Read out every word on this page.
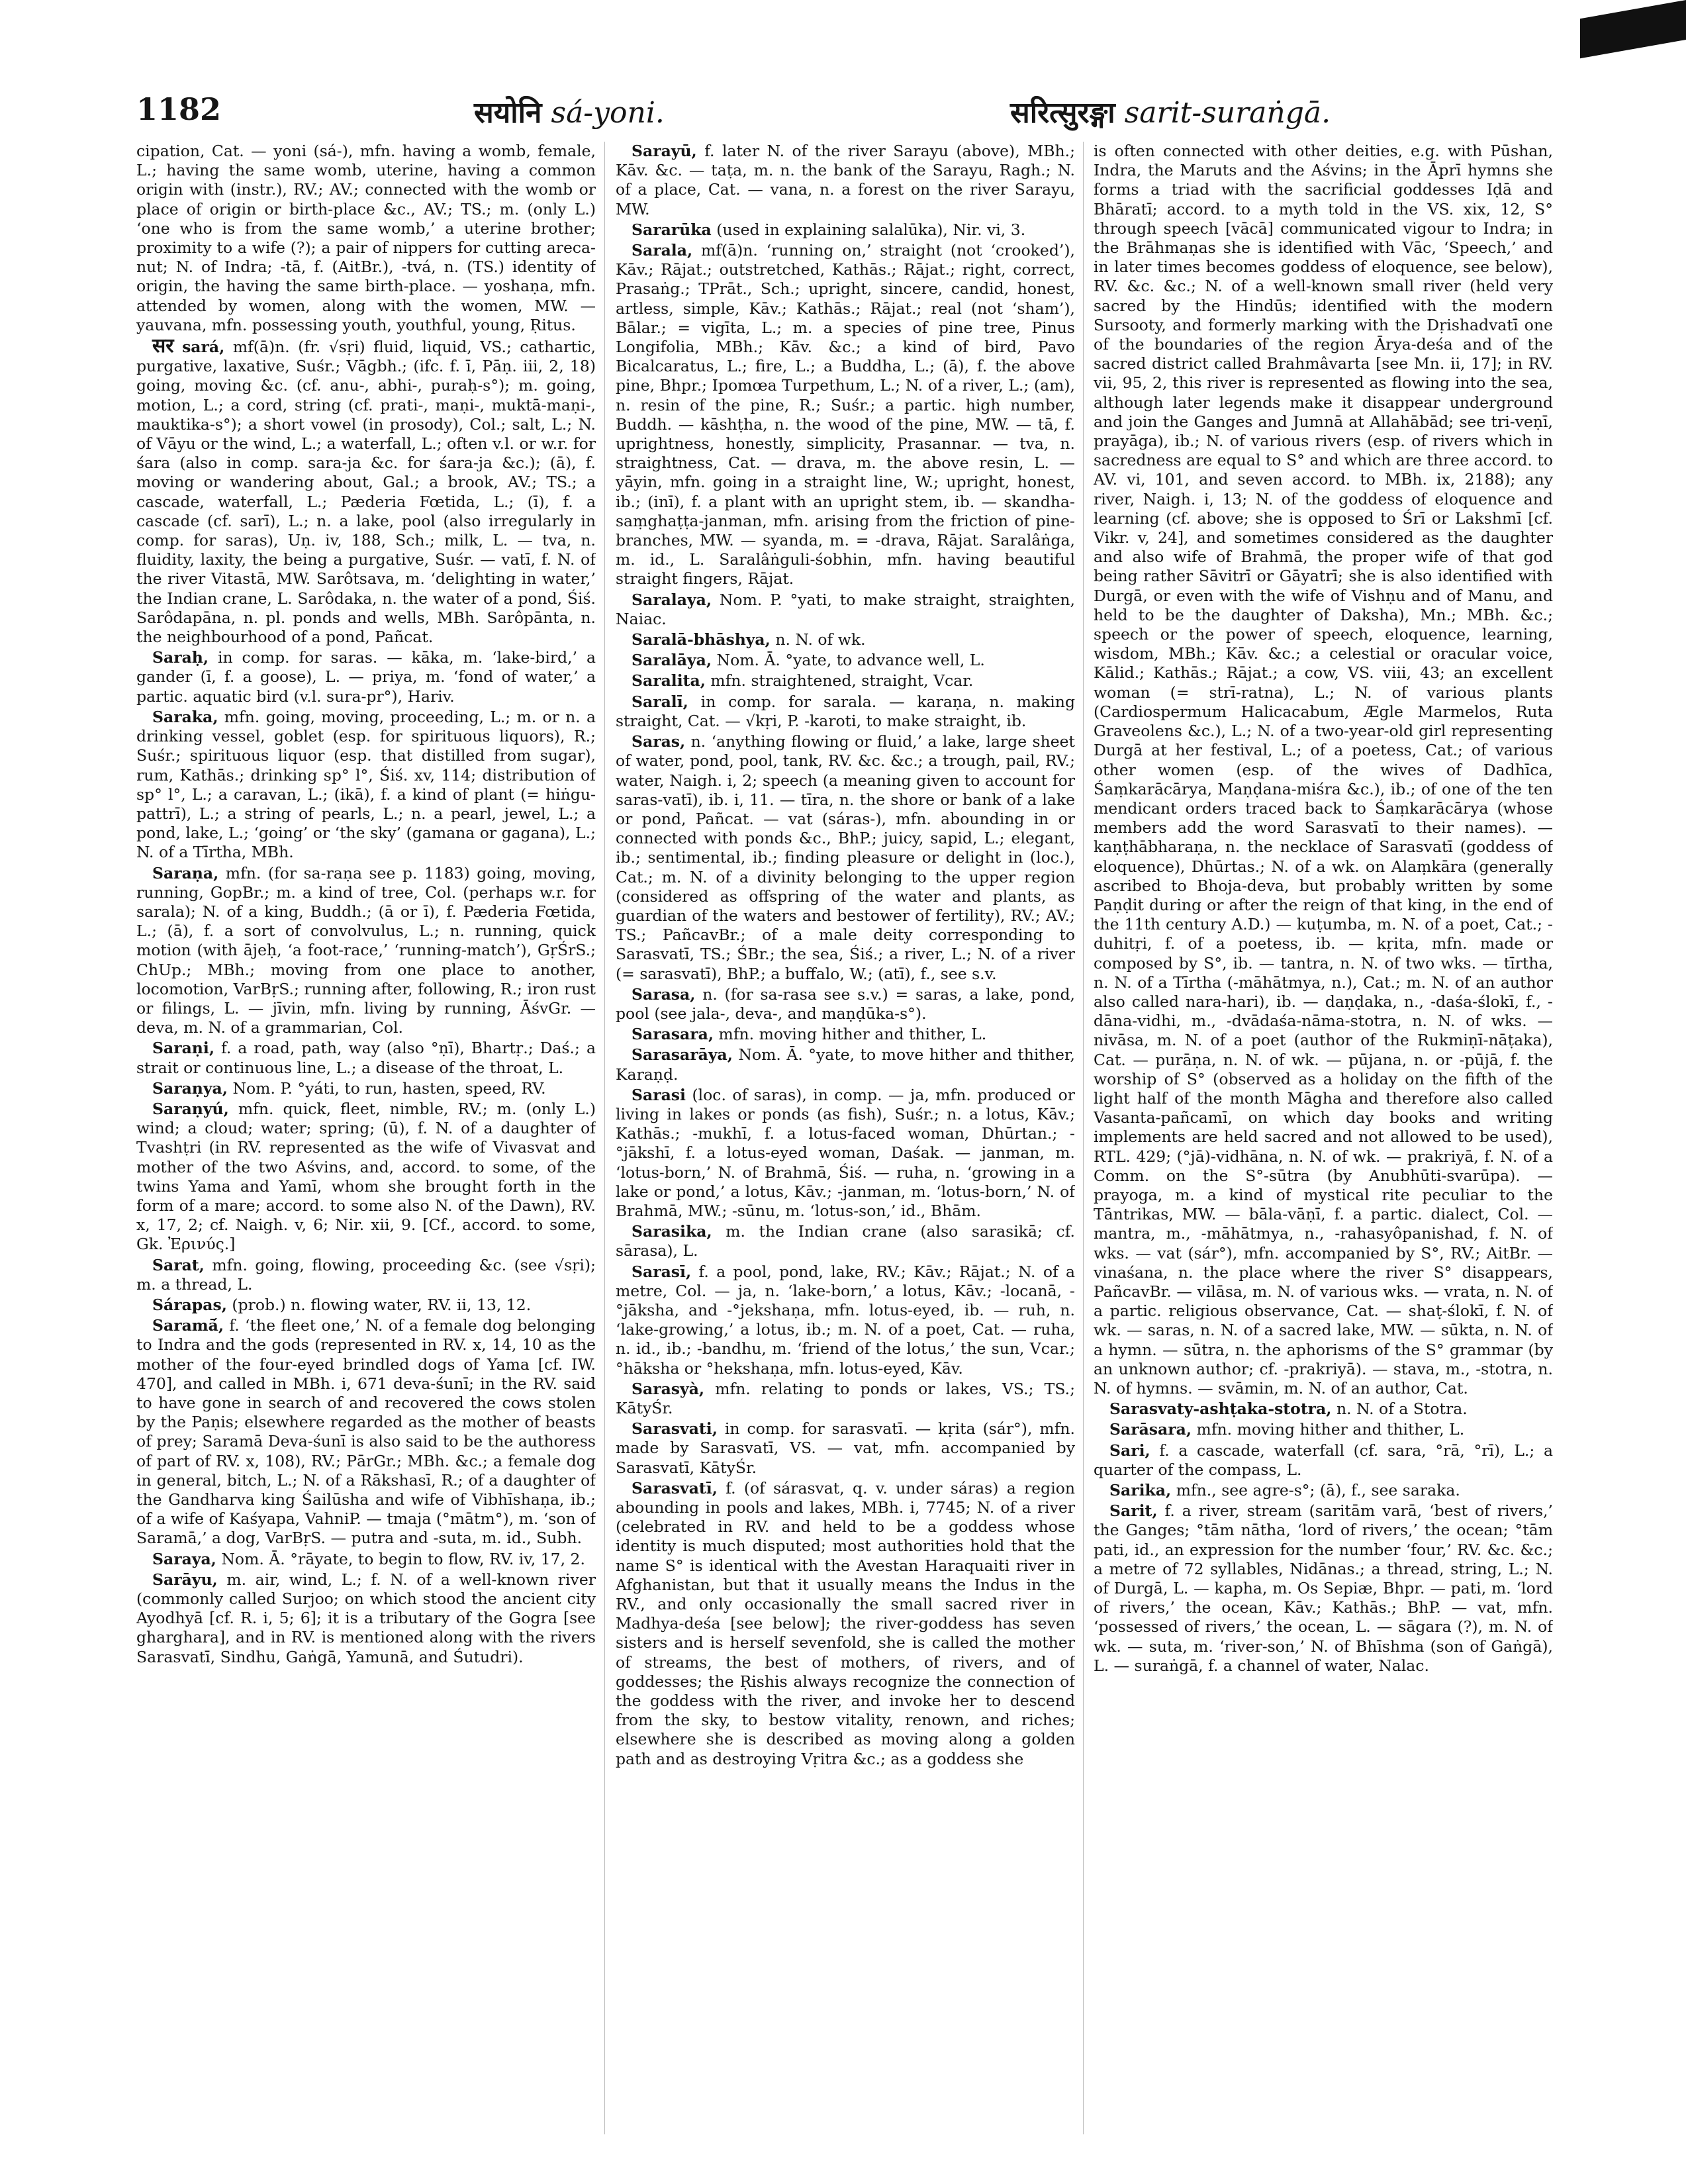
1182	सयोनि sá-yoni.	सरित्सुरङ्गा sarit-suraṅgā.

cipation, Cat. — yoni (sá-), mfn. having a womb, female, L.; having the same womb, uterine, having a common origin with (instr.), RV.; AV.; connected with the womb or place of origin or birth-place &c., AV.; TS.; m. (only L.) ‘one who is from the same womb,’ a uterine brother; proximity to a wife (?); a pair of nippers for cutting areca-nut; N. of Indra; -tā, f. (AitBr.), -tvá, n. (TS.) identity of origin, the having the same birth-place. — yoshaṇa, mfn. attended by women, along with the women, MW. — yauvana, mfn. possessing youth, youthful, young, Ṛitus.

सर sará, mf(ā)n. (fr. √sṛi) fluid, liquid, VS.; cathartic, purgative, laxative, Suśr.; Vāgbh.; (ifc. f. ī, Pāṇ. iii, 2, 18) going, moving &c. (cf. anu-, abhi-, puraḥ-s°); m. going, motion, L.; a cord, string (cf. prati-, maṇi-, muktā-maṇi-, mauktika-s°); a short vowel (in prosody), Col.; salt, L.; N. of Vāyu or the wind, L.; a waterfall, L.; often v.l. or w.r. for śara (also in comp. sara-ja &c. for śara-ja &c.); (ā), f. moving or wandering about, Gal.; a brook, AV.; TS.; a cascade, waterfall, L.; Pæderia Fœtida, L.; (ī), f. a cascade (cf. sarī), L.; n. a lake, pool (also irregularly in comp. for saras), Uṇ. iv, 188, Sch.; milk, L. — tva, n. fluidity, laxity, the being a purgative, Suśr. — vatī, f. N. of the river Vitastā, MW. Sarôtsava, m. ‘delighting in water,’ the Indian crane, L. Sarôdaka, n. the water of a pond, Śiś. Sarôdapāna, n. pl. ponds and wells, MBh. Sarôpānta, n. the neighbourhood of a pond, Pañcat.

Saraḥ, in comp. for saras. — kāka, m. ‘lake-bird,’ a gander (ī, f. a goose), L. — priya, m. ‘fond of water,’ a partic. aquatic bird (v.l. sura-pr°), Hariv.

Saraka, mfn. going, moving, proceeding, L.; m. or n. a drinking vessel, goblet (esp. for spirituous liquors), R.; Suśr.; spirituous liquor (esp. that distilled from sugar), rum, Kathās.; drinking sp° l°, Śiś. xv, 114; distribution of sp° l°, L.; a caravan, L.; (ikā), f. a kind of plant (= hiṅgu-pattrī), L.; a string of pearls, L.; n. a pearl, jewel, L.; a pond, lake, L.; ‘going’ or ‘the sky’ (gamana or gagana), L.; N. of a Tīrtha, MBh.

Saraṇa, mfn. (for sa-raṇa see p. 1183) going, moving, running, GopBr.; m. a kind of tree, Col. (perhaps w.r. for sarala); N. of a king, Buddh.; (ā or ī), f. Pæderia Fœtida, L.; (ā), f. a sort of convolvulus, L.; n. running, quick motion (with ājeḥ, ‘a foot-race,’ ‘running-match’), GṛŚrS.; ChUp.; MBh.; moving from one place to another, locomotion, VarBṛS.; running after, following, R.; iron rust or filings, L. — jīvin, mfn. living by running, ĀśvGr. — deva, m. N. of a grammarian, Col.

Saraṇi, f. a road, path, way (also °ṇī), Bhartṛ.; Daś.; a strait or continuous line, L.; a disease of the throat, L.

Saraṇya, Nom. P. °yáti, to run, hasten, speed, RV.

Saraṇyú, mfn. quick, fleet, nimble, RV.; m. (only L.) wind; a cloud; water; spring; (ū), f. N. of a daughter of Tvashṭri (in RV. represented as the wife of Vivasvat and mother of the two Aśvins, and, accord. to some, of the twins Yama and Yamī, whom she brought forth in the form of a mare; accord. to some also N. of the Dawn), RV. x, 17, 2; cf. Naigh. v, 6; Nir. xii, 9. [Cf., accord. to some, Gk. Ἐρινύς.]

Sarat, mfn. going, flowing, proceeding &c. (see √sṛi); m. a thread, L.

Sárapas, (prob.) n. flowing water, RV. ii, 13, 12.

Saramā́, f. ‘the fleet one,’ N. of a female dog belonging to Indra and the gods (represented in RV. x, 14, 10 as the mother of the four-eyed brindled dogs of Yama [cf. IW. 470], and called in MBh. i, 671 deva-śunī; in the RV. said to have gone in search of and recovered the cows stolen by the Paṇis; elsewhere regarded as the mother of beasts of prey; Saramā Deva-śunī is also said to be the authoress of part of RV. x, 108), RV.; PārGr.; MBh. &c.; a female dog in general, bitch, L.; N. of a Rākshasī, R.; of a daughter of the Gandharva king Śailūsha and wife of Vibhīshaṇa, ib.; of a wife of Kaśyapa, VahniP. — tmaja (°mātm°), m. ‘son of Saramā,’ a dog, VarBṛS. — putra and -suta, m. id., Subh.

Saraya, Nom. Ā. °rāyate, to begin to flow, RV. iv, 17, 2.

Sarāyu, m. air, wind, L.; f. N. of a well-known river (commonly called Surjoo; on which stood the ancient city Ayodhyā [cf. R. i, 5; 6]; it is a tributary of the Gogra [see gharghara], and in RV. is mentioned along with the rivers Sarasvatī, Sindhu, Gaṅgā, Yamunā, and Śutudri).

Sarayū, f. later N. of the river Sarayu (above), MBh.; Kāv. &c. — taṭa, m. n. the bank of the Sarayu, Ragh.; N. of a place, Cat. — vana, n. a forest on the river Sarayu, MW.

Sararūka (used in explaining salalūka), Nir. vi, 3.

Sarala, mf(ā)n. ‘running on,’ straight (not ‘crooked’), Kāv.; Rājat.; outstretched, Kathās.; Rājat.; right, correct, Prasaṅg.; TPrāt., Sch.; upright, sincere, candid, honest, artless, simple, Kāv.; Kathās.; Rājat.; real (not ‘sham’), Bālar.; = vigīta, L.; m. a species of pine tree, Pinus Longifolia, MBh.; Kāv. &c.; a kind of bird, Pavo Bicalcaratus, L.; fire, L.; a Buddha, L.; (ā), f. the above pine, Bhpr.; Ipomœa Turpethum, L.; N. of a river, L.; (am), n. resin of the pine, R.; Suśr.; a partic. high number, Buddh. — kāshṭha, n. the wood of the pine, MW. — tā, f. uprightness, honestly, simplicity, Prasannar. — tva, n. straightness, Cat. — drava, m. the above resin, L. — yāyin, mfn. going in a straight line, W.; upright, honest, ib.; (inī), f. a plant with an upright stem, ib. — skandha-saṃghaṭṭa-janman, mfn. arising from the friction of pine-branches, MW. — syanda, m. = -drava, Rājat. Saralâṅga, m. id., L. Saralâṅguli-śobhin, mfn. having beautiful straight fingers, Rājat.

Saralaya, Nom. P. °yati, to make straight, straighten, Naiac.

Saralā-bhāshya, n. N. of wk.

Saralāya, Nom. Ā. °yate, to advance well, L.

Saralita, mfn. straightened, straight, Vcar.

Saralī, in comp. for sarala. — karaṇa, n. making straight, Cat. — √kṛi, P. -karoti, to make straight, ib.

Saras, n. ‘anything flowing or fluid,’ a lake, large sheet of water, pond, pool, tank, RV. &c. &c.; a trough, pail, RV.; water, Naigh. i, 2; speech (a meaning given to account for saras-vatī), ib. i, 11. — tīra, n. the shore or bank of a lake or pond, Pañcat. — vat (sáras-), mfn. abounding in or connected with ponds &c., BhP.; juicy, sapid, L.; elegant, ib.; sentimental, ib.; finding pleasure or delight in (loc.), Cat.; m. N. of a divinity belonging to the upper region (considered as offspring of the water and plants, as guardian of the waters and bestower of fertility), RV.; AV.; TS.; PañcavBr.; of a male deity corresponding to Sarasvatī, TS.; ŚBr.; the sea, Śiś.; a river, L.; N. of a river (= sarasvatī), BhP.; a buffalo, W.; (atī), f., see s.v.

Sarasa, n. (for sa-rasa see s.v.) = saras, a lake, pond, pool (see jala-, deva-, and maṇḍūka-s°).

Sarasara, mfn. moving hither and thither, L.

Sarasarāya, Nom. Ā. °yate, to move hither and thither, Karaṇḍ.

Sarasi (loc. of saras), in comp. — ja, mfn. produced or living in lakes or ponds (as fish), Suśr.; n. a lotus, Kāv.; Kathās.; -mukhī, f. a lotus-faced woman, Dhūrtan.; -°jākshī, f. a lotus-eyed woman, Daśak. — janman, m. ‘lotus-born,’ N. of Brahmā, Śiś. — ruha, n. ‘growing in a lake or pond,’ a lotus, Kāv.; -janman, m. ‘lotus-born,’ N. of Brahmā, MW.; -sūnu, m. ‘lotus-son,’ id., Bhām.

Sarasika, m. the Indian crane (also sarasikā; cf. sārasa), L.

Sarasī, f. a pool, pond, lake, RV.; Kāv.; Rājat.; N. of a metre, Col. — ja, n. ‘lake-born,’ a lotus, Kāv.; -locanā, -°jāksha, and -°jekshaṇa, mfn. lotus-eyed, ib. — ruh, n. ‘lake-growing,’ a lotus, ib.; m. N. of a poet, Cat. — ruha, n. id., ib.; -bandhu, m. ‘friend of the lotus,’ the sun, Vcar.; °hāksha or °hekshaṇa, mfn. lotus-eyed, Kāv.

Sarasyà, mfn. relating to ponds or lakes, VS.; TS.; KātyŚr.

Sarasvati, in comp. for sarasvatī. — kṛita (sár°), mfn. made by Sarasvatī, VS. — vat, mfn. accompanied by Sarasvatī, KātyŚr.

Sarasvatī, f. (of sárasvat, q. v. under sáras) a region abounding in pools and lakes, MBh. i, 7745; N. of a river (celebrated in RV. and held to be a goddess whose identity is much disputed; most authorities hold that the name S° is identical with the Avestan Haraquaiti river in Afghanistan, but that it usually means the Indus in the RV., and only occasionally the small sacred river in Madhya-deśa [see below]; the river-goddess has seven sisters and is herself sevenfold, she is called the mother of streams, the best of mothers, of rivers, and of goddesses; the Ṛishis always recognize the connection of the goddess with the river, and invoke her to descend from the sky, to bestow vitality, renown, and riches; elsewhere she is described as moving along a golden path and as destroying Vṛitra &c.; as a goddess she

is often connected with other deities, e.g. with Pūshan, Indra, the Maruts and the Aśvins; in the Āprī hymns she forms a triad with the sacrificial goddesses Iḍā and Bhāratī; accord. to a myth told in the VS. xix, 12, S° through speech [vācā] communicated vigour to Indra; in the Brāhmaṇas she is identified with Vāc, ‘Speech,’ and in later times becomes goddess of eloquence, see below), RV. &c. &c.; N. of a well-known small river (held very sacred by the Hindūs; identified with the modern Sursooty, and formerly marking with the Dṛishadvatī one of the boundaries of the region Ārya-deśa and of the sacred district called Brahmâvarta [see Mn. ii, 17]; in RV. vii, 95, 2, this river is represented as flowing into the sea, although later legends make it disappear underground and join the Ganges and Jumnā at Allahābād; see tri-veṇī, prayāga), ib.; N. of various rivers (esp. of rivers which in sacredness are equal to S° and which are three accord. to AV. vi, 101, and seven accord. to MBh. ix, 2188); any river, Naigh. i, 13; N. of the goddess of eloquence and learning (cf. above; she is opposed to Śrī or Lakshmī [cf. Vikr. v, 24], and sometimes considered as the daughter and also wife of Brahmā, the proper wife of that god being rather Sāvitrī or Gāyatrī; she is also identified with Durgā, or even with the wife of Vishṇu and of Manu, and held to be the daughter of Daksha), Mn.; MBh. &c.; speech or the power of speech, eloquence, learning, wisdom, MBh.; Kāv. &c.; a celestial or oracular voice, Kālid.; Kathās.; Rājat.; a cow, VS. viii, 43; an excellent woman (= strī-ratna), L.; N. of various plants (Cardiospermum Halicacabum, Ægle Marmelos, Ruta Graveolens &c.), L.; N. of a two-year-old girl representing Durgā at her festival, L.; of a poetess, Cat.; of various other women (esp. of the wives of Dadhīca, Śaṃkarācārya, Maṇḍana-miśra &c.), ib.; of one of the ten mendicant orders traced back to Śaṃkarācārya (whose members add the word Sarasvatī to their names). — kaṇṭhābharaṇa, n. the necklace of Sarasvatī (goddess of eloquence), Dhūrtas.; N. of a wk. on Alaṃkāra (generally ascribed to Bhoja-deva, but probably written by some Paṇḍit during or after the reign of that king, in the end of the 11th century A.D.) — kuṭumba, m. N. of a poet, Cat.; -duhitṛi, f. of a poetess, ib. — kṛita, mfn. made or composed by S°, ib. — tantra, n. N. of two wks. — tīrtha, n. N. of a Tīrtha (-māhātmya, n.), Cat.; m. N. of an author also called nara-hari), ib. — daṇḍaka, n., -daśa-ślokī, f., -dāna-vidhi, m., -dvādaśa-nāma-stotra, n. N. of wks. — nivāsa, m. N. of a poet (author of the Rukmiṇī-nāṭaka), Cat. — purāṇa, n. N. of wk. — pūjana, n. or -pūjā, f. the worship of S° (observed as a holiday on the fifth of the light half of the month Māgha and therefore also called Vasanta-pañcamī, on which day books and writing implements are held sacred and not allowed to be used), RTL. 429; (°jā)-vidhāna, n. N. of wk. — prakriyā, f. N. of a Comm. on the S°-sūtra (by Anubhūti-svarūpa). — prayoga, m. a kind of mystical rite peculiar to the Tāntrikas, MW. — bāla-vāṇī, f. a partic. dialect, Col. — mantra, m., -māhātmya, n., -rahasyôpanishad, f. N. of wks. — vat (sár°), mfn. accompanied by S°, RV.; AitBr. — vinaśana, n. the place where the river S° disappears, PañcavBr. — vilāsa, m. N. of various wks. — vrata, n. N. of a partic. religious observance, Cat. — shaṭ-ślokī, f. N. of wk. — saras, n. N. of a sacred lake, MW. — sūkta, n. N. of a hymn. — sūtra, n. the aphorisms of the S° grammar (by an unknown author; cf. -prakriyā). — stava, m., -stotra, n. N. of hymns. — svāmin, m. N. of an author, Cat.

Sarasvaty-ashṭaka-stotra, n. N. of a Stotra.

Sarāsara, mfn. moving hither and thither, L.

Sari, f. a cascade, waterfall (cf. sara, °rā, °rī), L.; a quarter of the compass, L.

Sarika, mfn., see agre-s°; (ā), f., see saraka.

Sarit, f. a river, stream (saritām varā, ‘best of rivers,’ the Ganges; °tām nātha, ‘lord of rivers,’ the ocean; °tām pati, id., an expression for the number ‘four,’ RV. &c. &c.; a metre of 72 syllables, Nidānas.; a thread, string, L.; N. of Durgā, L. — kapha, m. Os Sepiæ, Bhpr. — pati, m. ‘lord of rivers,’ the ocean, Kāv.; Kathās.; BhP. — vat, mfn. ‘possessed of rivers,’ the ocean, L. — sāgara (?), m. N. of wk. — suta, m. ‘river-son,’ N. of Bhīshma (son of Gaṅgā), L. — suraṅgā, f. a channel of water, Nalac.
